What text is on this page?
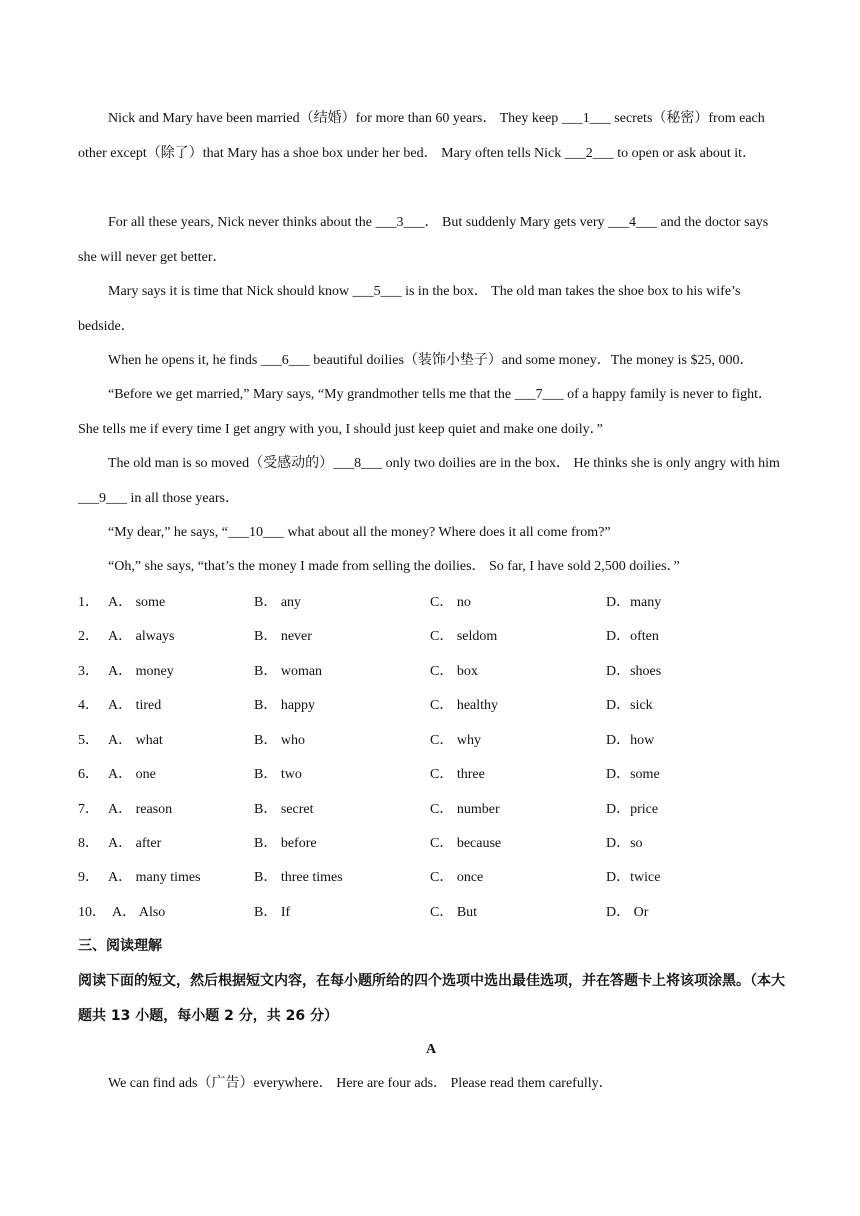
Nick and Mary have been married（结婚）for more than 60 years． They keep ___1___ secrets（秘密）from each other except（除了）that Mary has a shoe box under her bed． Mary often tells Nick ___2___ to open or ask about it．

For all these years, Nick never thinks about the ___3___． But suddenly Mary gets very ___4___ and the doctor says she will never get better．

Mary says it is time that Nick should know ___5___ is in the box． The old man takes the shoe box to his wife’s bedside．

When he opens it, he finds ___6___ beautiful doilies（装饰小垫子）and some money．The money is $25, 000．

“Before we get married,” Mary says, “My grandmother tells me that the ___7___ of a happy family is never to fight． She tells me if every time I get angry with you, I should just keep quiet and make one doily．”

The old man is so moved（受感动的）___8___ only two doilies are in the box． He thinks she is only angry with him ___9___ in all those years．

“My dear,” he says, “___10___ what about all the money? Where does it all come from?”

“Oh,” she says, “that’s the money I made from selling the doilies． So far, I have sold 2,500 doilies．”

1． A． some	B． any	C． no	D．many
2． A． always	B． never	C． seldom	D．often
3． A． money	B． woman	C． box	D．shoes
4． A． tired	B． happy	C． healthy	D．sick
5． A． what	B． who	C． why	D．how
6． A． one	B． two	C． three	D．some
7． A． reason	B． secret	C． number	D．price
8． A． after	B． before	C． because	D．so
9． A． many times	B． three times	C． once	D．twice
10． A． Also	B． If	C． But	D． Or

三、阅读理解

阅读下面的短文，然后根据短文内容，在每小题所给的四个选项中选出最佳选项，并在答题卡上将该项涂黑。（本大题共 13 小题，每小题 2 分，共 26 分）

A

We can find ads（广告）everywhere． Here are four ads． Please read them carefully．
